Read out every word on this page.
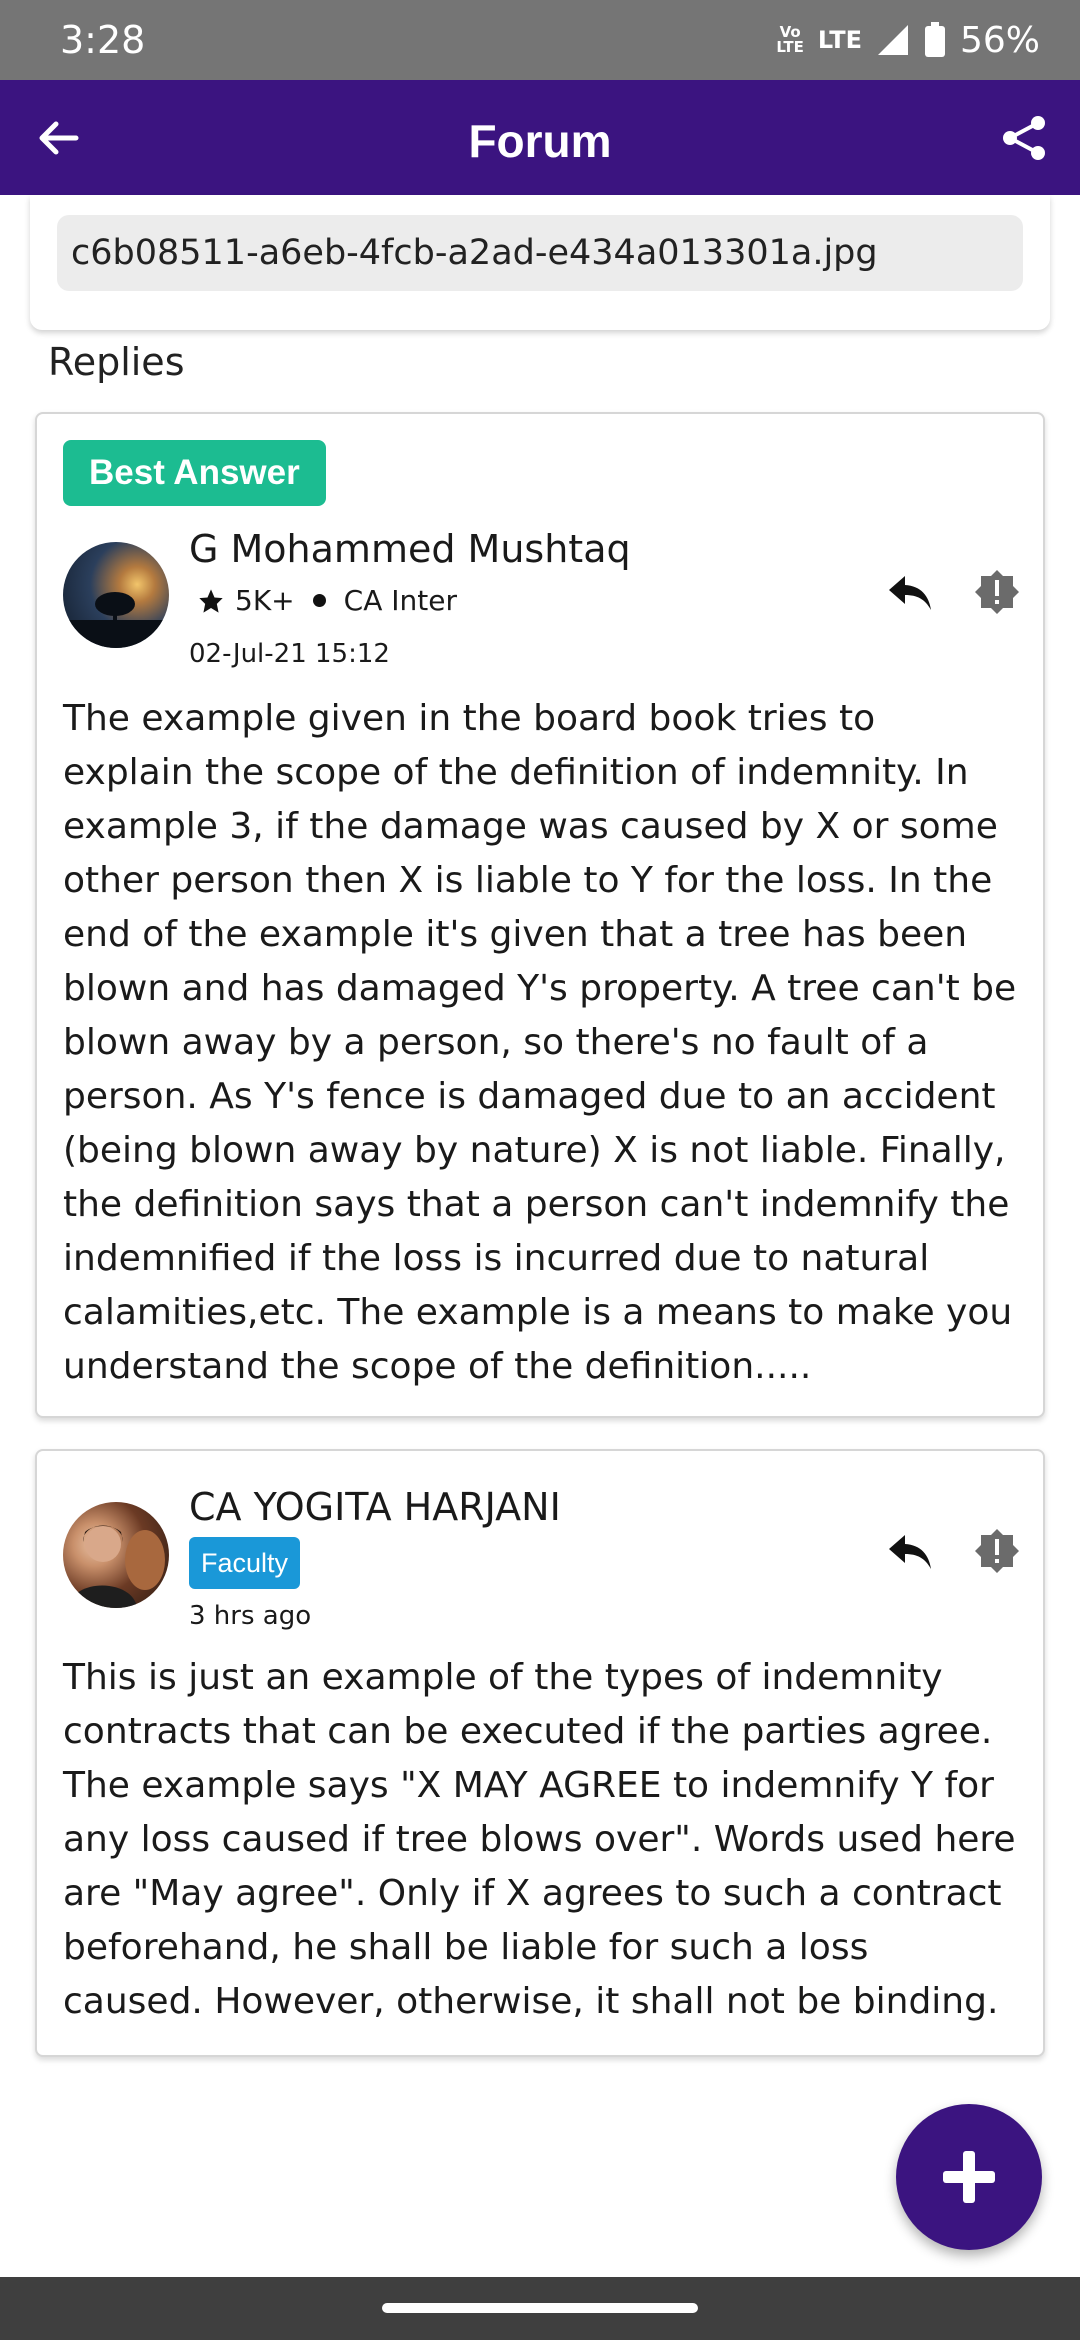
3:28	Vo
LTE LTE	56%
Forum
c6b08511-a6eb-4fcb-a2ad-e434a013301a.jpg
Replies
Best Answer
G Mohammed Mushtaq
5K+ CA Inter
02-Jul-21 15:12
The example given in the board book tries to explain the scope of the definition of indemnity. In example 3, if the damage was caused by X or some other person then X is liable to Y for the loss. In the end of the example it's given that a tree has been blown and has damaged Y's property. A tree can't be blown away by a person, so there's no fault of a person. As Y's fence is damaged due to an accident (being blown away by nature) X is not liable. Finally, the definition says that a person can't indemnify the indemnified if the loss is incurred due to natural calamities,etc. The example is a means to make you understand the scope of the definition.....
CA YOGITA HARJANI
Faculty
3 hrs ago
This is just an example of the types of indemnity contracts that can be executed if the parties agree. The example says "X MAY AGREE to indemnify Y for any loss caused if tree blows over". Words used here are "May agree". Only if X agrees to such a contract beforehand, he shall be liable for such a loss caused. However, otherwise, it shall not be binding.
